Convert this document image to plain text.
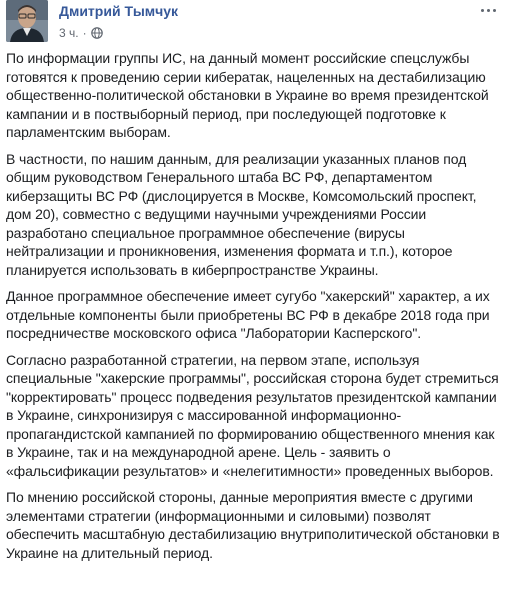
Дмитрий Тымчук
3 ч. ·

По информации группы ИС, на данный момент российские спецслужбы готовятся к проведению серии кибератак, нацеленных на дестабилизацию общественно-политической обстановки в Украине во время президентской кампании и в поствыборный период, при последующей подготовке к парламентским выборам.

В частности, по нашим данным, для реализации указанных планов под общим руководством Генерального штаба ВС РФ, департаментом киберзащиты ВС РФ (дислоцируется в Москве, Комсомольский проспект, дом 20), совместно с ведущими научными учреждениями России разработано специальное программное обеспечение (вирусы нейтрализации и проникновения, изменения формата и т.п.), которое планируется использовать в киберпространстве Украины.

Данное программное обеспечение имеет сугубо "хакерский" характер, а их отдельные компоненты были приобретены ВС РФ в декабре 2018 года при посредничестве московского офиса "Лаборатории Касперского".

Согласно разработанной стратегии, на первом этапе, используя специальные "хакерские программы", российская сторона будет стремиться "корректировать" процесс подведения результатов президентской кампании в Украине, синхронизируя с массированной информационно-пропагандистской кампанией по формированию общественного мнения как в Украине, так и на международной арене. Цель - заявить о «фальсификации результатов» и «нелегитимности» проведенных выборов.

По мнению российской стороны, данные мероприятия вместе с другими элементами стратегии (информационными и силовыми) позволят обеспечить масштабную дестабилизацию внутриполитической обстановки в Украине на длительный период.
